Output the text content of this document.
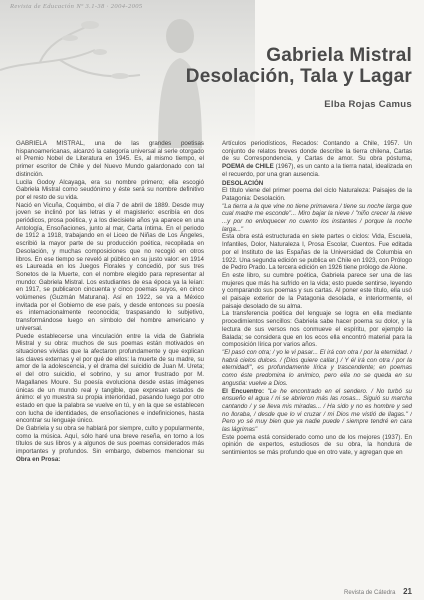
Revista de Educación Nº 3.1-38 · 2004-2005
Gabriela Mistral
Desolación, Tala y Lagar
Elba Rojas Camus

GABRIELA MISTRAL, una de las grandes poetisas hispanoamericanas, alcanzó la categoría universal al serle otorgado el Premio Nobel de Literatura en 1945. Es, al mismo tiempo, el primer escritor de Chile y del Nuevo Mundo galardonado con tal distinción.

Lucila Godoy Alcayaga, era su nombre primero; ella escogió Gabriela Mistral como seudónimo y éste será su nombre definitivo por el resto de su vida.

Nació en Vicuña, Coquimbo, el día 7 de abril de 1889. Desde muy joven se inclinó por las letras y el magisterio: escribía en dos periódicos, prosa poética, y a los diecisiete años ya aparece en una Antología, Ensoñaciones, junto al mar, Carta íntima. En el periodo de 1912 a 1918, trabajando en el Liceo de Niñas de Los Ángeles, escribió la mayor parte de su producción poética, recopilada en Desolación, y muchas composiciones que no recogió en otros libros. En ese tiempo se reveló al público en su justo valor: en 1914 es Laureada en los Juegos Florales y concedió, por sus tres Sonetos de la Muerte, con el nombre elegido para representar al mundo: Gabriela Mistral. Los estudiantes de esa época ya la leían: en 1917, se publicaron cincuenta y cinco poemas suyos, en cinco volúmenes (Guzmán Maturana). Así en 1922, se va a México invitada por el Gobierno de ese país, y desde entonces su poesía es internacionalmente reconocida; traspasando lo subjetivo, transformándose luego en símbolo del hombre americano y universal.

Puede establecerse una vinculación entre la vida de Gabriela Mistral y su obra: muchos de sus poemas están motivados en situaciones vividas que la afectaron profundamente y que explican las claves externas y el por qué de ellos: la muerte de su madre, su amor de la adolescencia, y el drama del suicidio de Juan M. Ureta; el del otro suicidio, el sobrino, y su amor frustrado por M. Magallanes Moure. Su poesía evoluciona desde estas imágenes únicas de un mundo real y tangible, que expresan estados de ánimo: el yo muestra su propia interioridad, pasando luego por otro estado en que la palabra se vuelve en tú, y en la que se establecen con lucha de identidades, de ensoñaciones e indefiniciones, hasta encontrar su lenguaje único.

De Gabriela y su obra se hablará por siempre, culto y popularmente, como la música. Aquí, sólo haré una breve reseña, en torno a los títulos de sus libros y a algunos de sus poemas considerados más importantes y profundos. Sin embargo, debemos mencionar su Obra en Prosa:

Artículos periodísticos, Recados: Contando a Chile, 1957. Un conjunto de relatos breves donde describe la tierra chilena, Cartas de su Correspondencia, y Cartas de amor. Su obra póstuma, POEMA de CHILE (1967), es un canto a la tierra natal, idealizada en el recuerdo, por una gran ausencia.

DESOLACIÓN

El título viene del primer poema del ciclo Naturaleza: Paisajes de la Patagonia: Desolación.

"La tierra a la que vine no tiene primavera / tiene su noche larga que cual madre me esconde"... Miro bajar la nieve / "niño crecer la nieve ...y por no enloquecer no cuento los instantes / porque la noche larga..."

Esta obra está estructurada en siete partes o ciclos: Vida, Escuela, Infantiles, Dolor, Naturaleza I, Prosa Escolar, Cuentos. Fue editada por el Instituto de las Españas de la Universidad de Columbia en 1922. Una segunda edición se publica en Chile en 1923, con Prólogo de Pedro Prado. La tercera edición en 1926 tiene prólogo de Alone.

En este libro, su cumbre poética, Gabriela parece ser una de las mujeres que más ha sufrido en la vida; esto puede sentirse, leyendo y comparando sus poemas y sus cartas. Al poner este título, ella usó el paisaje exterior de la Patagonia desolada, e interiormente, el paisaje desolado de su alma.

La transferencia poética del lenguaje se logra en ella mediante procedimientos sencillos: Gabriela sabe hacer poema su dolor, y la lectura de sus versos nos conmueve el espíritu, por ejemplo la Balada; se considera que en los ecos ella encontró material para la composición lírica por varios años.

"El pasó con otra; / yo le vi pasar... El irá con otra / por la eternidad. / habrá cielos dulces. / (Dios quiere callar.) / Y él irá con otra / por la eternidad!", es profundamente lírica y trascendente; en poemas como éste predomina lo anímico, pero ella no se queda en su angustia: vuelve a Dios.

El Encuentro: "Le he encontrado en el sendero. / No turbó su ensueño el agua / ni se abrieron más las rosas... Siguió su marcha cantando / y se lleva mis miradas... / Ha sido y no es hombre y sed no lloraba, / desde que lo vi cruzar / mi Dios me vistió de llagas." / Pero yo sé muy bien que ya nadie puede / siempre tendré en cara las lágrimas"

Este poema está considerado como uno de los mejores (1937). En opinión de expertos, estudiosos de su obra, la hondura de sentimientos se más profundo que en otro vate, y agregan que en

Revista de Cátedra 21
